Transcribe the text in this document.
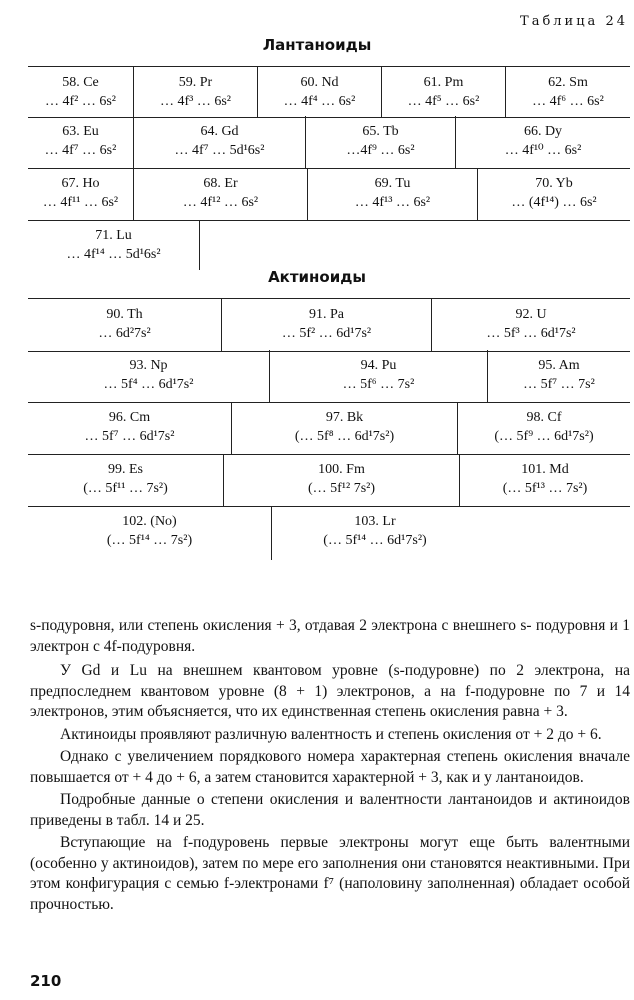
Таблица 24
Лантаноиды
58. Ce
… 4f² … 6s²
59. Pr
… 4f³ … 6s²
60. Nd
… 4f⁴ … 6s²
61. Pm
… 4f⁵ … 6s²
62. Sm
… 4f⁶ … 6s²
63. Eu
… 4f⁷ … 6s²
64. Gd
… 4f⁷ … 5d¹6s²
65. Tb
…4f⁹ … 6s²
66. Dy
… 4f¹⁰ … 6s²
67. Ho
… 4f¹¹ … 6s²
68. Er
… 4f¹² … 6s²
69. Tu
… 4f¹³ … 6s²
70. Yb
… (4f¹⁴) … 6s²
71. Lu
… 4f¹⁴ … 5d¹6s²
Актиноиды
90. Th
… 6d²7s²
91. Pa
… 5f² … 6d¹7s²
92. U
… 5f³ … 6d¹7s²
93. Np
… 5f⁴ … 6d¹7s²
94. Pu
… 5f⁶ … 7s²
95. Am
… 5f⁷ … 7s²
96. Cm
… 5f⁷ … 6d¹7s²
97. Bk
(… 5f⁸ … 6d¹7s²)
98. Cf
(… 5f⁹ … 6d¹7s²)
99. Es
(… 5f¹¹ … 7s²)
100. Fm
(… 5f¹² 7s²)
101. Md
(… 5f¹³ … 7s²)
102. (No)
(… 5f¹⁴ … 7s²)
103. Lr
(… 5f¹⁴ … 6d¹7s²)

s-подуровня, или степень окисления + 3, отдавая 2 электрона с внешнего s- подуровня и 1 электрон с 4f-подуровня.

У Gd и Lu на внешнем квантовом уровне (s-подуровне) по 2 электрона, на предпоследнем квантовом уровне (8 + 1) электронов, а на f-подуровне по 7 и 14 электронов, этим объясняется, что их единственная степень окисления равна + 3.

Актиноиды проявляют различную валентность и степень окисления от + 2 до + 6.

Однако с увеличением порядкового номера характерная степень окисления вначале повышается от + 4 до + 6, а затем становится характерной + 3, как и у лантаноидов.

Подробные данные о степени окисления и валентности лантаноидов и актиноидов приведены в табл. 14 и 25.

Вступающие на f-подуровень первые электроны могут еще быть валентными (особенно у актиноидов), затем по мере его заполнения они становятся неактивными. При этом конфигурация с семью f-электронами f⁷ (наполовину заполненная) обладает особой прочностью.

210
